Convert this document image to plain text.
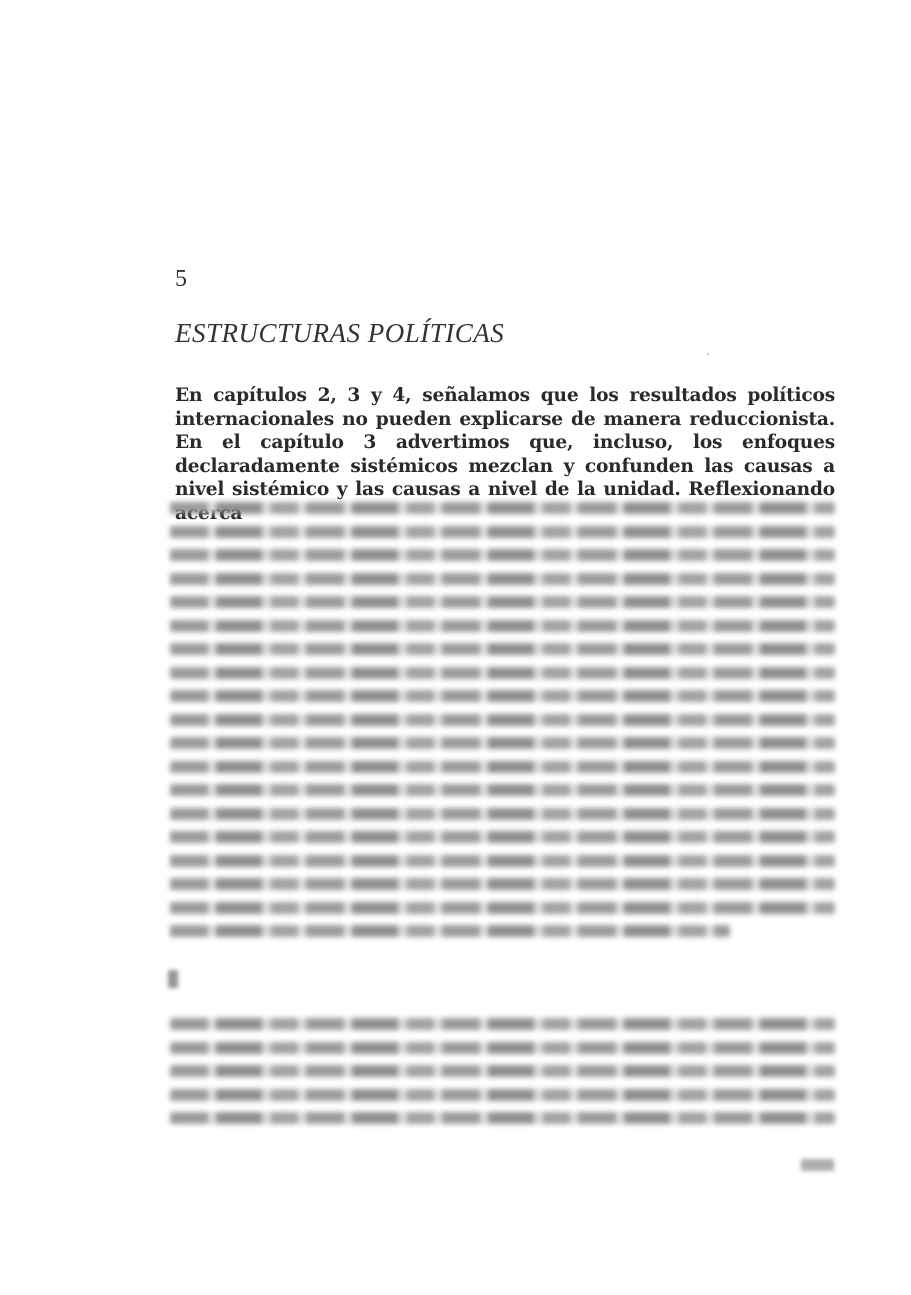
5
ESTRUCTURAS POLÍTICAS
En capítulos 2, 3 y 4, señalamos que los resultados políticos internacionales no pueden explicarse de manera reduccionista. En el capítulo 3 advertimos que, incluso, los enfoques declaradamente sistémicos mezclan y confunden las causas a nivel sistémico y las causas a nivel de la unidad. Reflexionando
